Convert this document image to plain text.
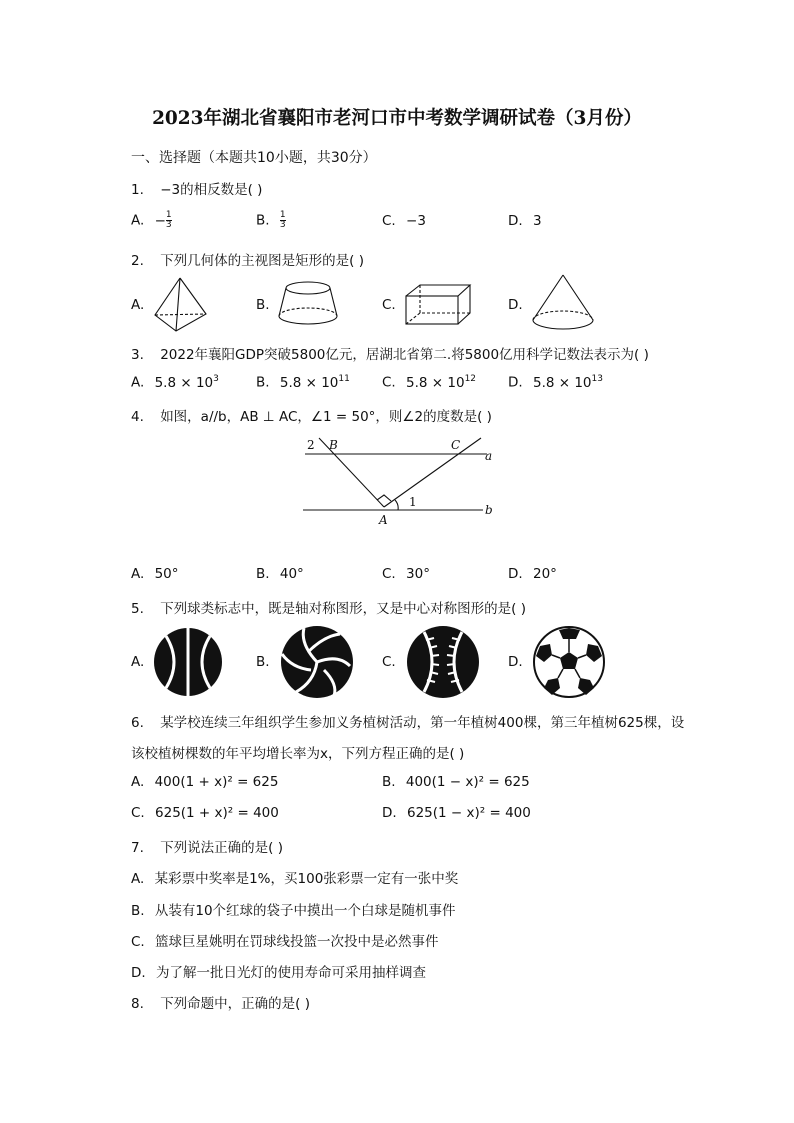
2023年湖北省襄阳市老河口市中考数学调研试卷（3月份）
一、选择题（本题共10小题，共30分）
1. −3的相反数是( )
A. − $\frac{1}{3}$	B. $\frac{1}{3}$	C. −3	D. 3
2. 下列几何体的主视图是矩形的是( )
A.	B.	C.	D.
3. 2022年襄阳GDP突破5800亿元，居湖北省第二.将5800亿用科学记数法表示为( )
A. $5.8 \times 10^3$	B. $5.8 \times 10^{11}$ C. $5.8 \times 10^{12}$ D. $5.8 \times 10^{13}$
4. 如图，a//b，AB ⊥ AC，∠1 = 50°，则∠2的度数是( )
2 B	C
a
1
A
b
A. 50°	B. 40°	C. 30°	D. 20°
5. 下列球类标志中，既是轴对称图形，又是中心对称图形的是( )
A.	B.	C.	D.
6. 某学校连续三年组织学生参加义务植树活动，第一年植树400棵，第三年植树625棵，设
该校植树棵数的年平均增长率为x，下列方程正确的是( )
A. 400(1 + x)² = 625	B. 400(1 − x)² = 625
C. 625(1 + x)² = 400	D. 625(1 − x)² = 400
7. 下列说法正确的是( )
A. 某彩票中奖率是1%，买100张彩票一定有一张中奖
B. 从装有10个红球的袋子中摸出一个白球是随机事件
C. 篮球巨星姚明在罚球线投篮一次投中是必然事件
D. 为了解一批日光灯的使用寿命可采用抽样调查
8. 下列命题中，正确的是( )
